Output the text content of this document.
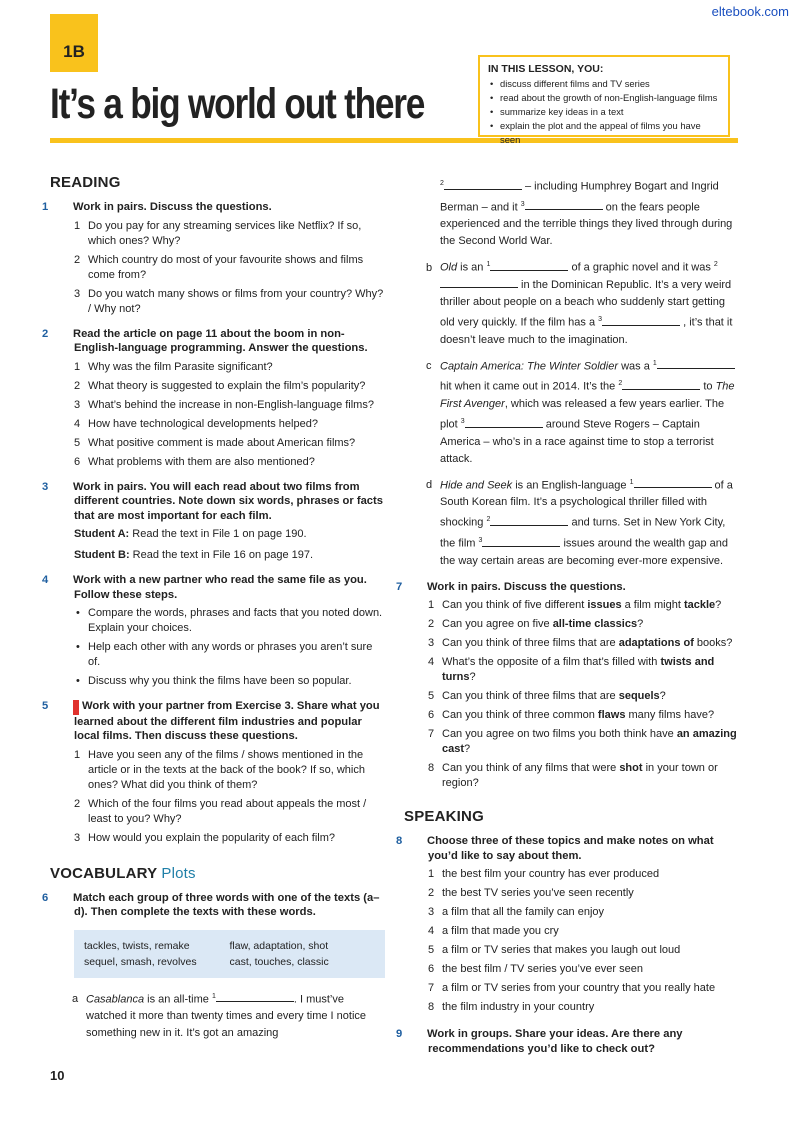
eltebook.com
1B
It’s a big world out there
IN THIS LESSON, YOU:
• discuss different films and TV series
• read about the growth of non-English-language films
• summarize key ideas in a text
• explain the plot and the appeal of films you have seen
READING
1 Work in pairs. Discuss the questions.
1 Do you pay for any streaming services like Netflix? If so, which ones? Why?
2 Which country do most of your favourite shows and films come from?
3 Do you watch many shows or films from your country? Why? / Why not?
2 Read the article on page 11 about the boom in non-English-language programming. Answer the questions.
1 Why was the film Parasite significant?
2 What theory is suggested to explain the film’s popularity?
3 What’s behind the increase in non-English-language films?
4 How have technological developments helped?
5 What positive comment is made about American films?
6 What problems with them are also mentioned?
3 Work in pairs. You will each read about two films from different countries. Note down six words, phrases or facts that are most important for each film.
Student A: Read the text in File 1 on page 190.
Student B: Read the text in File 16 on page 197.
4 Work with a new partner who read the same file as you. Follow these steps.
• Compare the words, phrases and facts that you noted down. Explain your choices.
• Help each other with any words or phrases you aren’t sure of.
• Discuss why you think the films have been so popular.
5 M Work with your partner from Exercise 3. Share what you learned about the different film industries and popular local films. Then discuss these questions.
1 Have you seen any of the films / shows mentioned in the article or in the texts at the back of the book? If so, which ones? What did you think of them?
2 Which of the four films you read about appeals the most / least to you? Why?
3 How would you explain the popularity of each film?
VOCABULARY Plots
6 Match each group of three words with one of the texts (a–d). Then complete the texts with these words.
tackles, twists, remake	flaw, adaptation, shot
sequel, smash, revolves	cast, touches, classic
a Casablanca is an all-time $^1$	. I must’ve watched it more than twenty times and every time I notice something new in it. It’s got an amazing
$^2$	– including Humphrey Bogart and Ingrid Berman – and it $^3$	on the fears people experienced and the terrible things they lived through during the Second World War.
b Old is an $^1$	of a graphic novel and it was $^2$ in the Dominican Republic. It’s a very weird thriller about people on a beach who suddenly start getting old very quickly. If the film has a $^3$	, it’s that it doesn’t leave much to the imagination.
c Captain America: The Winter Soldier was a $^1$ hit when it came out in 2014. It’s the $^2$	to The First Avenger, which was released a few years earlier. The plot $^3$	around Steve Rogers – Captain America – who’s in a race against time to stop a terrorist attack.
d Hide and Seek is an English-language $^1$	of a South Korean film. It’s a psychological thriller filled with shocking $^2$	and turns. Set in New York City, the film $^3$	issues around the wealth gap and the way certain areas are becoming ever-more expensive.
7 Work in pairs. Discuss the questions.
1 Can you think of five different issues a film might tackle?
2 Can you agree on five all-time classics?
3 Can you think of three films that are adaptations of books?
4 What’s the opposite of a film that’s filled with twists and turns?
5 Can you think of three films that are sequels?
6 Can you think of three common flaws many films have?
7 Can you agree on two films you both think have an amazing cast?
8 Can you think of any films that were shot in your town or region?
SPEAKING
8 Choose three of these topics and make notes on what you’d like to say about them.
1 the best film your country has ever produced
2 the best TV series you’ve seen recently
3 a film that all the family can enjoy
4 a film that made you cry
5 a film or TV series that makes you laugh out loud
6 the best film / TV series you’ve ever seen
7 a film or TV series from your country that you really hate
8 the film industry in your country
9 Work in groups. Share your ideas. Are there any recommendations you’d like to check out?
10
